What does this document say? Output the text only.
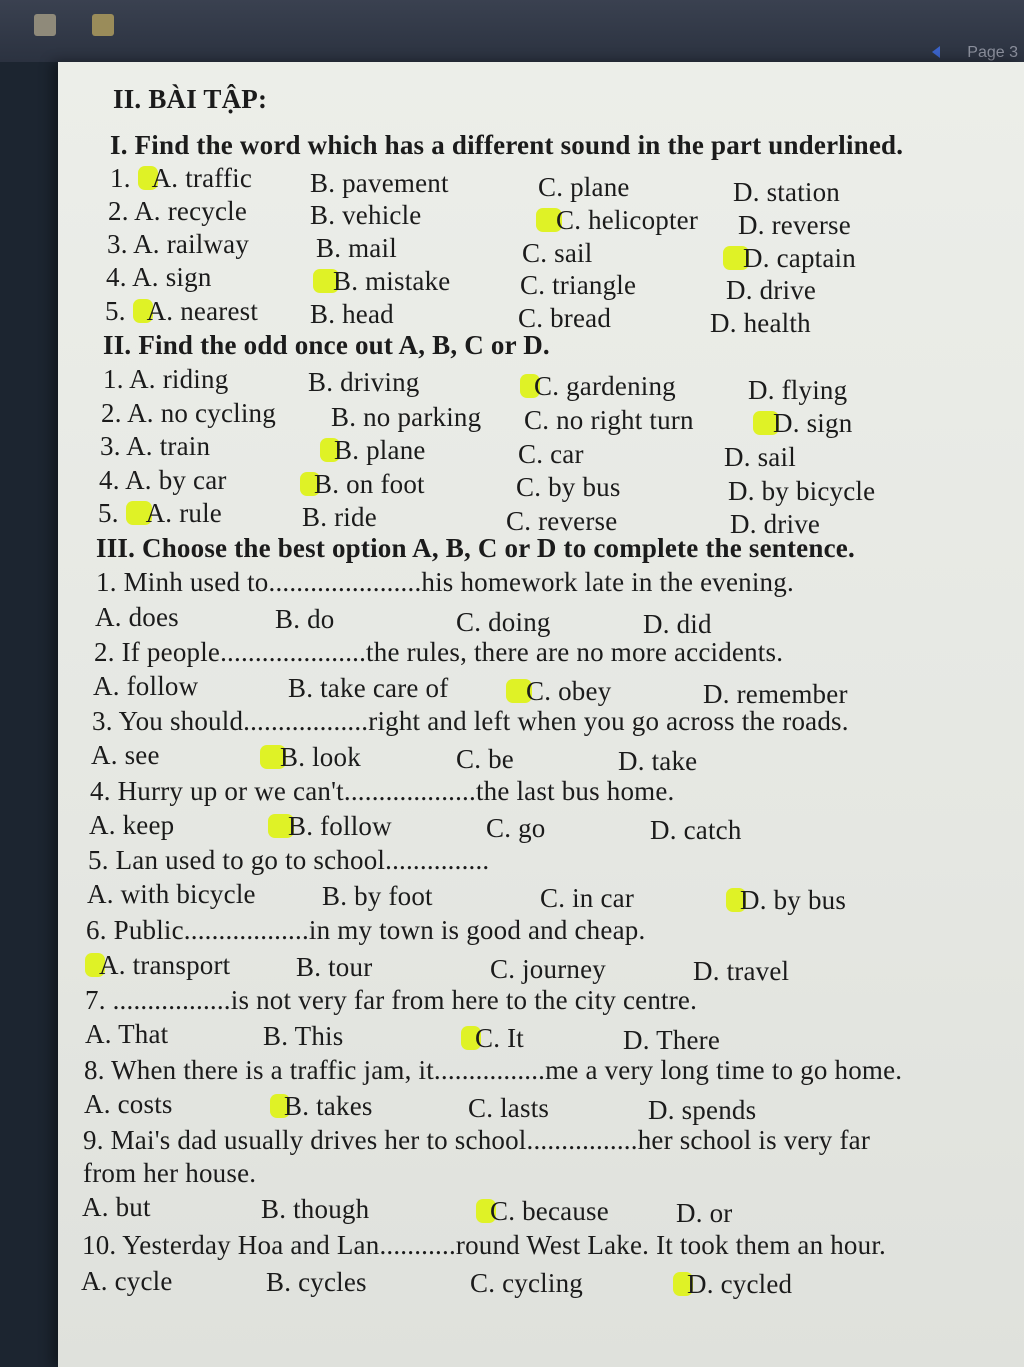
Page 3
II. BÀI TẬP:
I. Find the word which has a different sound in the part underlined.
1. A. traffic B. pavement	C. plane	D. station
2. A. recycle B. vehicle	C. helicopter D. reverse
3. A. railway B. mail	C. sail	D. captain
4. A. sign	B. mistake	C. triangle	D. drive
5. A. nearest B. head	C. bread	D. health
II. Find the odd once out A, B, C or D.
1. A. riding	B. driving	C. gardening	D. flying
2. A. no cycling B. no parking C. no right turn	D. sign
3. A. train	B. plane	C. car	D. sail
4. A. by car	B. on foot	C. by bus	D. by bicycle
5. A. rule	B. ride	C. reverse	D. drive
III. Choose the best option A, B, C or D to complete the sentence.
1. Minh used to......................his homework late in the evening.
A. does	B. do	C. doing	D. did
2. If people.....................the rules, there are no more accidents.
A. follow	B. take care of	C. obey	D. remember
3. You should..................right and left when you go across the roads.
A. see	B. look	C. be	D. take
4. Hurry up or we can't...................the last bus home.
A. keep	B. follow	C. go	D. catch
5. Lan used to go to school...............
A. with bicycle B. by foot	C. in car	D. by bus
6. Public..................in my town is good and cheap.
A. transport B. tour	C. journey	D. travel
7. .................is not very far from here to the city centre.
A. That	B. This	C. It	D. There
8. When there is a traffic jam, it................me a very long time to go home.
A. costs	B. takes	C. lasts	D. spends
9. Mai's dad usually drives her to school................her school is very far
from her house.
A. but	B. though	C. because D. or
10. Yesterday Hoa and Lan...........round West Lake. It took them an hour.
A. cycle	B. cycles	C. cycling	D. cycled
